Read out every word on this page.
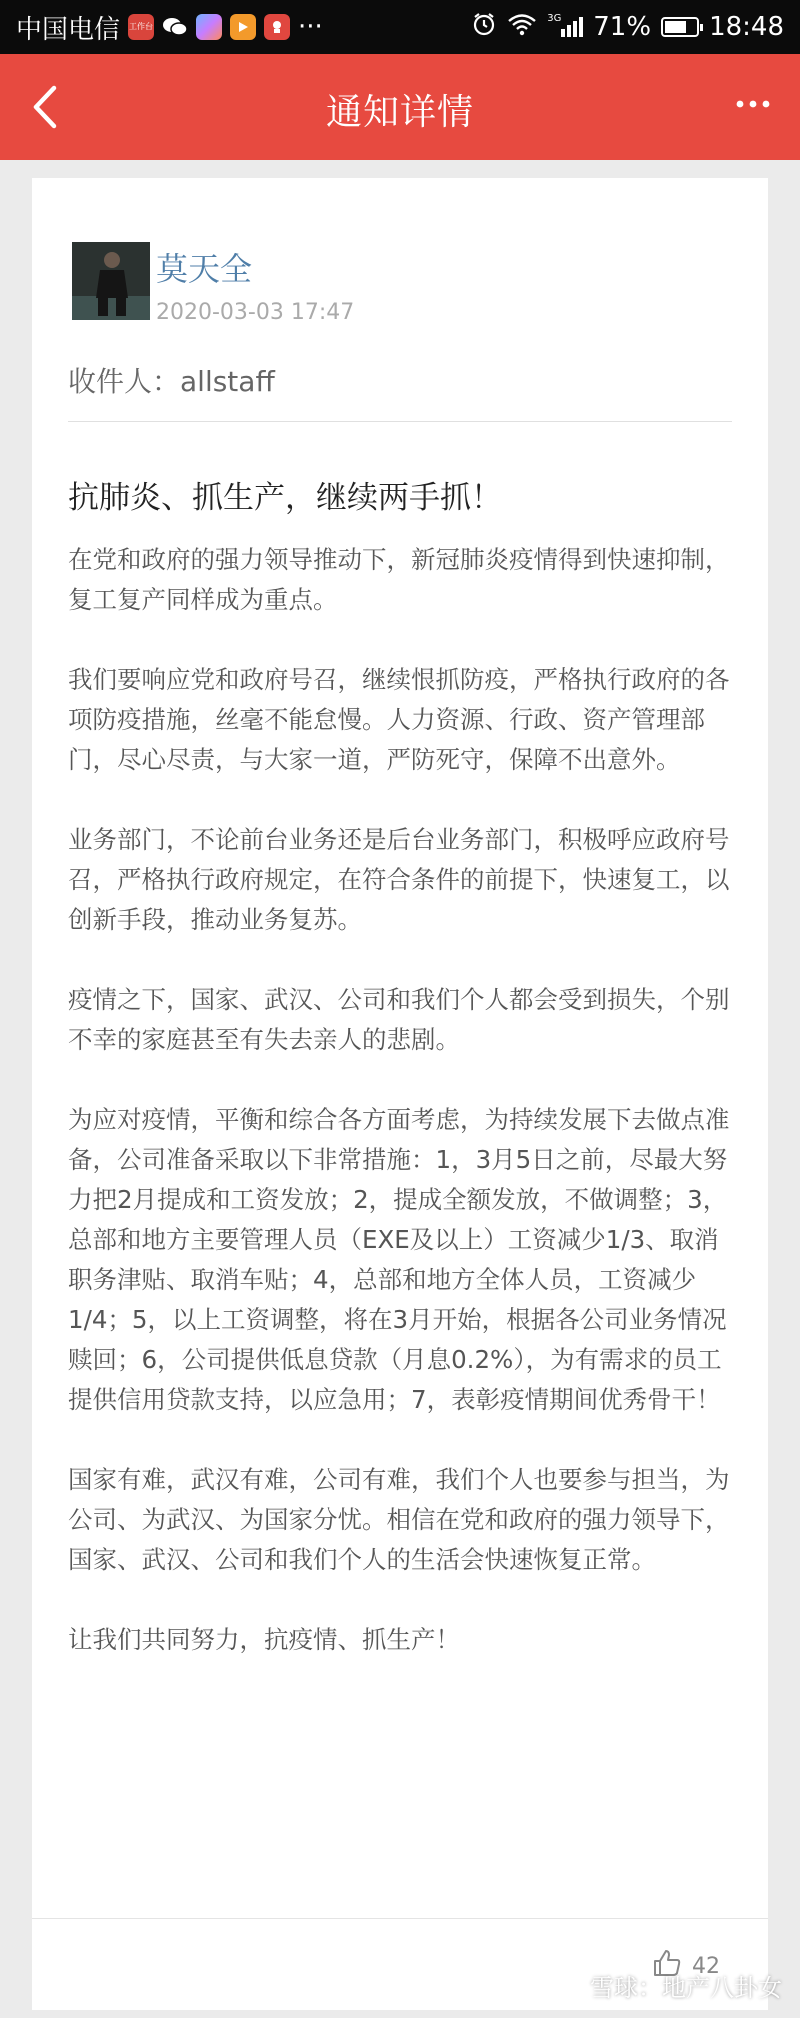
中国电信 工作台	···	3G 71% 18:48
通知详情
莫天全
2020-03-03 17:47
收件人：allstaff
抗肺炎、抓生产，继续两手抓！

在党和政府的强力领导推动下，新冠肺炎疫情得到快速抑制，复工复产同样成为重点。

我们要响应党和政府号召，继续恨抓防疫，严格执行政府的各项防疫措施，丝毫不能怠慢。人力资源、行政、资产管理部门，尽心尽责，与大家一道，严防死守，保障不出意外。

业务部门，不论前台业务还是后台业务部门，积极呼应政府号召，严格执行政府规定，在符合条件的前提下，快速复工，以创新手段，推动业务复苏。

疫情之下，国家、武汉、公司和我们个人都会受到损失，个别不幸的家庭甚至有失去亲人的悲剧。

为应对疫情，平衡和综合各方面考虑，为持续发展下去做点准备，公司准备采取以下非常措施：1，3月5日之前，尽最大努力把2月提成和工资发放；2，提成全额发放，不做调整；3，总部和地方主要管理人员（EXE及以上）工资减少1/3、取消职务津贴、取消车贴；4，总部和地方全体人员，工资减少1/4；5，以上工资调整，将在3月开始，根据各公司业务情况赎回；6，公司提供低息贷款（月息0.2%），为有需求的员工提供信用贷款支持，以应急用；7，表彰疫情期间优秀骨干！

国家有难，武汉有难，公司有难，我们个人也要参与担当，为公司、为武汉、为国家分忧。相信在党和政府的强力领导下，国家、武汉、公司和我们个人的生活会快速恢复正常。

让我们共同努力，抗疫情、抓生产！

42
雪球：地产八卦女
